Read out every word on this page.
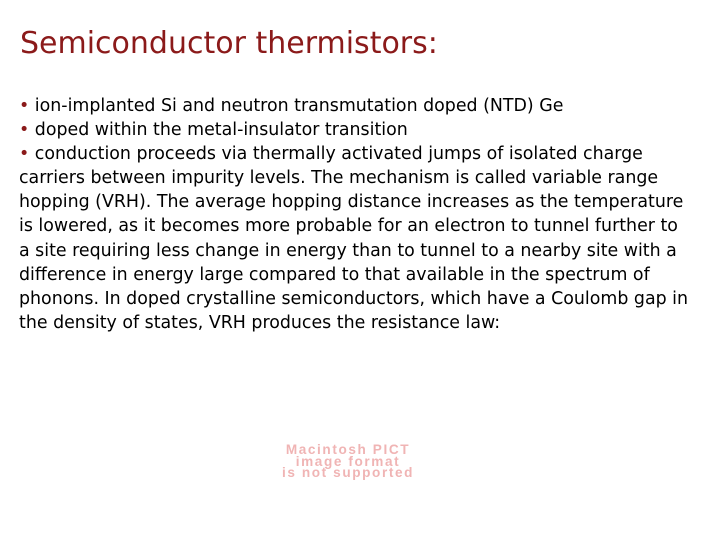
Semiconductor thermistors:

• ion-implanted Si and neutron transmutation doped (NTD) Ge

• doped within the metal-insulator transition

• conduction proceeds via thermally activated jumps of isolated charge carriers between impurity levels. The mechanism is called variable range hopping (VRH). The average hopping distance increases as the temperature is lowered, as it becomes more probable for an electron to tunnel further to a site requiring less change in energy than to tunnel to a nearby site with a difference in energy large compared to that available in the spectrum of phonons. In doped crystalline semiconductors, which have a Coulomb gap in the density of states, VRH produces the resistance law:

Macintosh PICT
image format
is not supported
